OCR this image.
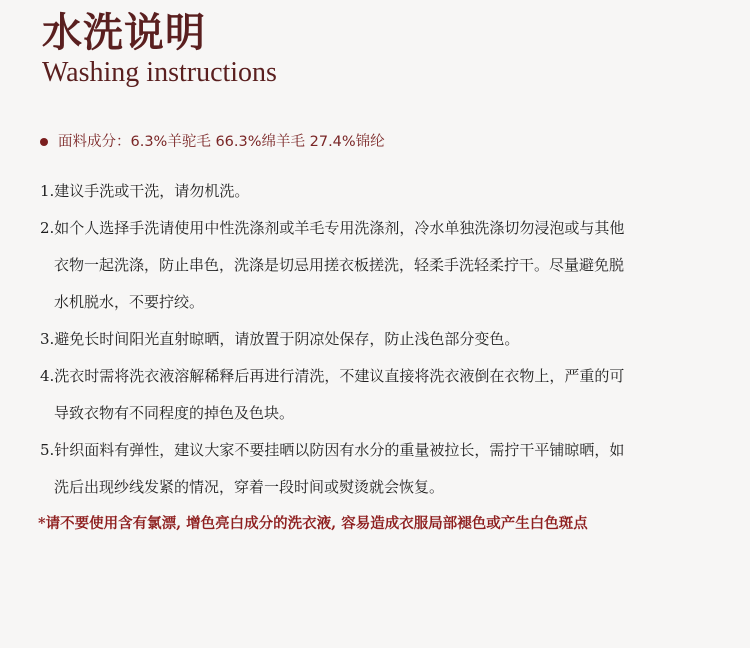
水洗说明
Washing instructions
面料成分：6.3%羊驼毛 66.3%绵羊毛 27.4%锦纶
1.建议手洗或干洗，请勿机洗。
2.如个人选择手洗请使用中性洗涤剂或羊毛专用洗涤剂，冷水单独洗涤切勿浸泡或与其他
衣物一起洗涤，防止串色，洗涤是切忌用搓衣板搓洗，轻柔手洗轻柔拧干。尽量避免脱
水机脱水，不要拧绞。
3.避免长时间阳光直射晾晒，请放置于阴凉处保存，防止浅色部分变色。
4.洗衣时需将洗衣液溶解稀释后再进行清洗，不建议直接将洗衣液倒在衣物上，严重的可
导致衣物有不同程度的掉色及色块。
5.针织面料有弹性，建议大家不要挂晒以防因有水分的重量被拉长，需拧干平铺晾晒，如
洗后出现纱线发紧的情况，穿着一段时间或熨烫就会恢复。
*请不要使用含有氯漂, 增色亮白成分的洗衣液, 容易造成衣服局部褪色或产生白色斑点
